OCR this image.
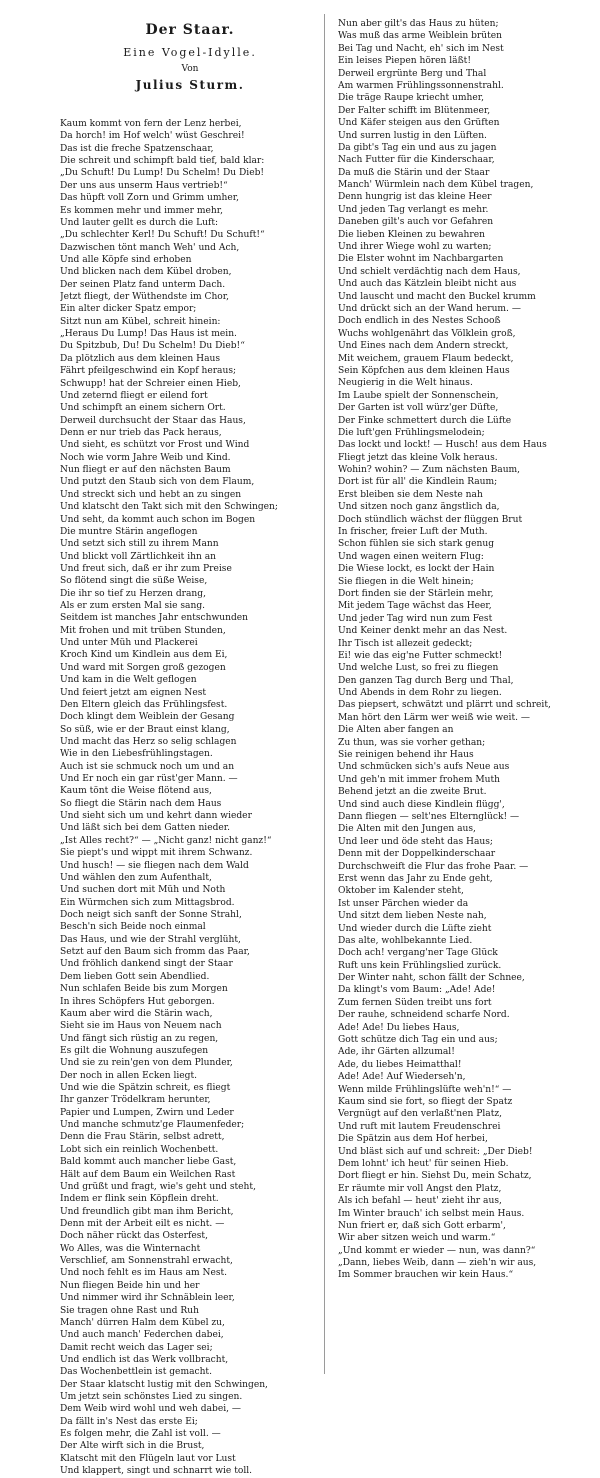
Der Staar.
Eine Vogel-Idylle.
Von
Julius Sturm.
Kaum kommt von fern der Lenz herbei,
Da horch! im Hof welch' wüst Geschrei!
Das ist die freche Spatzenschaar,
Die schreit und schimpft bald tief, bald klar:
„Du Schuft! Du Lump! Du Schelm! Du Dieb!
Der uns aus unserm Haus vertrieb!“
Das hüpft voll Zorn und Grimm umher,
Es kommen mehr und immer mehr,
Und lauter gellt es durch die Luft:
„Du schlechter Kerl! Du Schuft! Du Schuft!“
Dazwischen tönt manch Weh' und Ach,
Und alle Köpfe sind erhoben
Und blicken nach dem Kübel droben,
Der seinen Platz fand unterm Dach.
Jetzt fliegt, der Wüthendste im Chor,
Ein alter dicker Spatz empor;
Sitzt nun am Kübel, schreit hinein:
„Heraus Du Lump! Das Haus ist mein.
Du Spitzbub, Du! Du Schelm! Du Dieb!“
Da plötzlich aus dem kleinen Haus
Fährt pfeilgeschwind ein Kopf heraus;
Schwupp! hat der Schreier einen Hieb,
Und zeternd fliegt er eilend fort
Und schimpft an einem sichern Ort.
Derweil durchsucht der Staar das Haus,
Denn er nur trieb das Pack heraus,
Und sieht, es schützt vor Frost und Wind
Noch wie vorm Jahre Weib und Kind.
Nun fliegt er auf den nächsten Baum
Und putzt den Staub sich von dem Flaum,
Und streckt sich und hebt an zu singen
Und klatscht den Takt sich mit den Schwingen;
Und seht, da kommt auch schon im Bogen
Die muntre Stärin angeflogen
Und setzt sich still zu ihrem Mann
Und blickt voll Zärtlichkeit ihn an
Und freut sich, daß er ihr zum Preise
So flötend singt die süße Weise,
Die ihr so tief zu Herzen drang,
Als er zum ersten Mal sie sang.
Seitdem ist manches Jahr entschwunden
Mit frohen und mit trüben Stunden,
Und unter Müh und Plackerei
Kroch Kind um Kindlein aus dem Ei,
Und ward mit Sorgen groß gezogen
Und kam in die Welt geflogen
Und feiert jetzt am eignen Nest
Den Eltern gleich das Frühlingsfest.
Doch klingt dem Weiblein der Gesang
So süß, wie er der Braut einst klang,
Und macht das Herz so selig schlagen
Wie in den Liebesfrühlingstagen.
Auch ist sie schmuck noch um und an
Und Er noch ein gar rüst'ger Mann. —
Kaum tönt die Weise flötend aus,
So fliegt die Stärin nach dem Haus
Und sieht sich um und kehrt dann wieder
Und läßt sich bei dem Gatten nieder.
„Ist Alles recht?“ — „Nicht ganz! nicht ganz!“
Sie piept's und wippt mit ihrem Schwanz.
Und husch! — sie fliegen nach dem Wald
Und wählen den zum Aufenthalt,
Und suchen dort mit Müh und Noth
Ein Würmchen sich zum Mittagsbrod.
Doch neigt sich sanft der Sonne Strahl,
Besch'n sich Beide noch einmal
Das Haus, und wie der Strahl verglüht,
Setzt auf den Baum sich fromm das Paar,
Und fröhlich dankend singt der Staar
Dem lieben Gott sein Abendlied.
Nun schlafen Beide bis zum Morgen
In ihres Schöpfers Hut geborgen.
Kaum aber wird die Stärin wach,
Sieht sie im Haus von Neuem nach
Und fängt sich rüstig an zu regen,
Es gilt die Wohnung auszufegen
Und sie zu rein'gen von dem Plunder,
Der noch in allen Ecken liegt.
Und wie die Spätzin schreit, es fliegt
Ihr ganzer Trödelkram herunter,
Papier und Lumpen, Zwirn und Leder
Und manche schmutz'ge Flaumenfeder;
Denn die Frau Stärin, selbst adrett,
Lobt sich ein reinlich Wochenbett.
Bald kommt auch mancher liebe Gast,
Hält auf dem Baum ein Weilchen Rast
Und grüßt und fragt, wie's geht und steht,
Indem er flink sein Köpflein dreht.
Und freundlich gibt man ihm Bericht,
Denn mit der Arbeit eilt es nicht. —
Doch näher rückt das Osterfest,
Wo Alles, was die Winternacht
Verschlief, am Sonnenstrahl erwacht,
Und noch fehlt es im Haus am Nest.
Nun fliegen Beide hin und her
Und nimmer wird ihr Schnäblein leer,
Sie tragen ohne Rast und Ruh
Manch' dürren Halm dem Kübel zu,
Und auch manch' Federchen dabei,
Damit recht weich das Lager sei;
Und endlich ist das Werk vollbracht,
Das Wochenbettlein ist gemacht.
Der Staar klatscht lustig mit den Schwingen,
Um jetzt sein schönstes Lied zu singen.
Dem Weib wird wohl und weh dabei, —
Da fällt in's Nest das erste Ei;
Es folgen mehr, die Zahl ist voll. —
Der Alte wirft sich in die Brust,
Klatscht mit den Flügeln laut vor Lust
Und klappert, singt und schnarrt wie toll.
Nun aber gilt's das Haus zu hüten;
Was muß das arme Weiblein brüten
Bei Tag und Nacht, eh' sich im Nest
Ein leises Piepen hören läßt!
Derweil ergrünte Berg und Thal
Am warmen Frühlingssonnenstrahl.
Die träge Raupe kriecht umher,
Der Falter schifft im Blütenmeer,
Und Käfer steigen aus den Grüften
Und surren lustig in den Lüften.
Da gibt's Tag ein und aus zu jagen
Nach Futter für die Kinderschaar,
Da muß die Stärin und der Staar
Manch' Würmlein nach dem Kübel tragen,
Denn hungrig ist das kleine Heer
Und jeden Tag verlangt es mehr.
Daneben gilt's auch vor Gefahren
Die lieben Kleinen zu bewahren
Und ihrer Wiege wohl zu warten;
Die Elster wohnt im Nachbargarten
Und schielt verdächtig nach dem Haus,
Und auch das Kätzlein bleibt nicht aus
Und lauscht und macht den Buckel krumm
Und drückt sich an der Wand herum. —
Doch endlich in des Nestes Schooß
Wuchs wohlgenährt das Völklein groß,
Und Eines nach dem Andern streckt,
Mit weichem, grauem Flaum bedeckt,
Sein Köpfchen aus dem kleinen Haus
Neugierig in die Welt hinaus.
Im Laube spielt der Sonnenschein,
Der Garten ist voll würz'ger Düfte,
Der Finke schmettert durch die Lüfte
Die luft'gen Frühlingsmelodein;
Das lockt und lockt! — Husch! aus dem Haus
Fliegt jetzt das kleine Volk heraus.
Wohin? wohin? — Zum nächsten Baum,
Dort ist für all' die Kindlein Raum;
Erst bleiben sie dem Neste nah
Und sitzen noch ganz ängstlich da,
Doch stündlich wächst der flüggen Brut
In frischer, freier Luft der Muth.
Schon fühlen sie sich stark genug
Und wagen einen weitern Flug:
Die Wiese lockt, es lockt der Hain
Sie fliegen in die Welt hinein;
Dort finden sie der Stärlein mehr,
Mit jedem Tage wächst das Heer,
Und jeder Tag wird nun zum Fest
Und Keiner denkt mehr an das Nest.
Ihr Tisch ist allezeit gedeckt;
Ei! wie das eig'ne Futter schmeckt!
Und welche Lust, so frei zu fliegen
Den ganzen Tag durch Berg und Thal,
Und Abends in dem Rohr zu liegen.
Das piepsert, schwätzt und plärrt und schreit,
Man hört den Lärm wer weiß wie weit. —
Die Alten aber fangen an
Zu thun, was sie vorher gethan;
Sie reinigen behend ihr Haus
Und schmücken sich's aufs Neue aus
Und geh'n mit immer frohem Muth
Behend jetzt an die zweite Brut.
Und sind auch diese Kindlein flügg',
Dann fliegen — selt'nes Elternglück! —
Die Alten mit den Jungen aus,
Und leer und öde steht das Haus;
Denn mit der Doppelkinderschaar
Durchschweift die Flur das frohe Paar. —
Erst wenn das Jahr zu Ende geht,
Oktober im Kalender steht,
Ist unser Pärchen wieder da
Und sitzt dem lieben Neste nah,
Und wieder durch die Lüfte zieht
Das alte, wohlbekannte Lied.
Doch ach! vergang'ner Tage Glück
Ruft uns kein Frühlingslied zurück.
Der Winter naht, schon fällt der Schnee,
Da klingt's vom Baum: „Ade! Ade!
Zum fernen Süden treibt uns fort
Der rauhe, schneidend scharfe Nord.
Ade! Ade! Du liebes Haus,
Gott schütze dich Tag ein und aus;
Ade, ihr Gärten allzumal!
Ade, du liebes Heimatthal!
Ade! Ade! Auf Wiederseh'n,
Wenn milde Frühlingslüfte weh'n!“ —
Kaum sind sie fort, so fliegt der Spatz
Vergnügt auf den verlaßt'nen Platz,
Und ruft mit lautem Freudenschrei
Die Spätzin aus dem Hof herbei,
Und bläst sich auf und schreit: „Der Dieb!
Dem lohnt' ich heut' für seinen Hieb.
Dort fliegt er hin. Siehst Du, mein Schatz,
Er räumte mir voll Angst den Platz,
Als ich befahl — heut' zieht ihr aus,
Im Winter brauch' ich selbst mein Haus.
Nun friert er, daß sich Gott erbarm',
Wir aber sitzen weich und warm.“
„Und kommt er wieder — nun, was dann?“
„Dann, liebes Weib, dann — zieh'n wir aus,
Im Sommer brauchen wir kein Haus.“
